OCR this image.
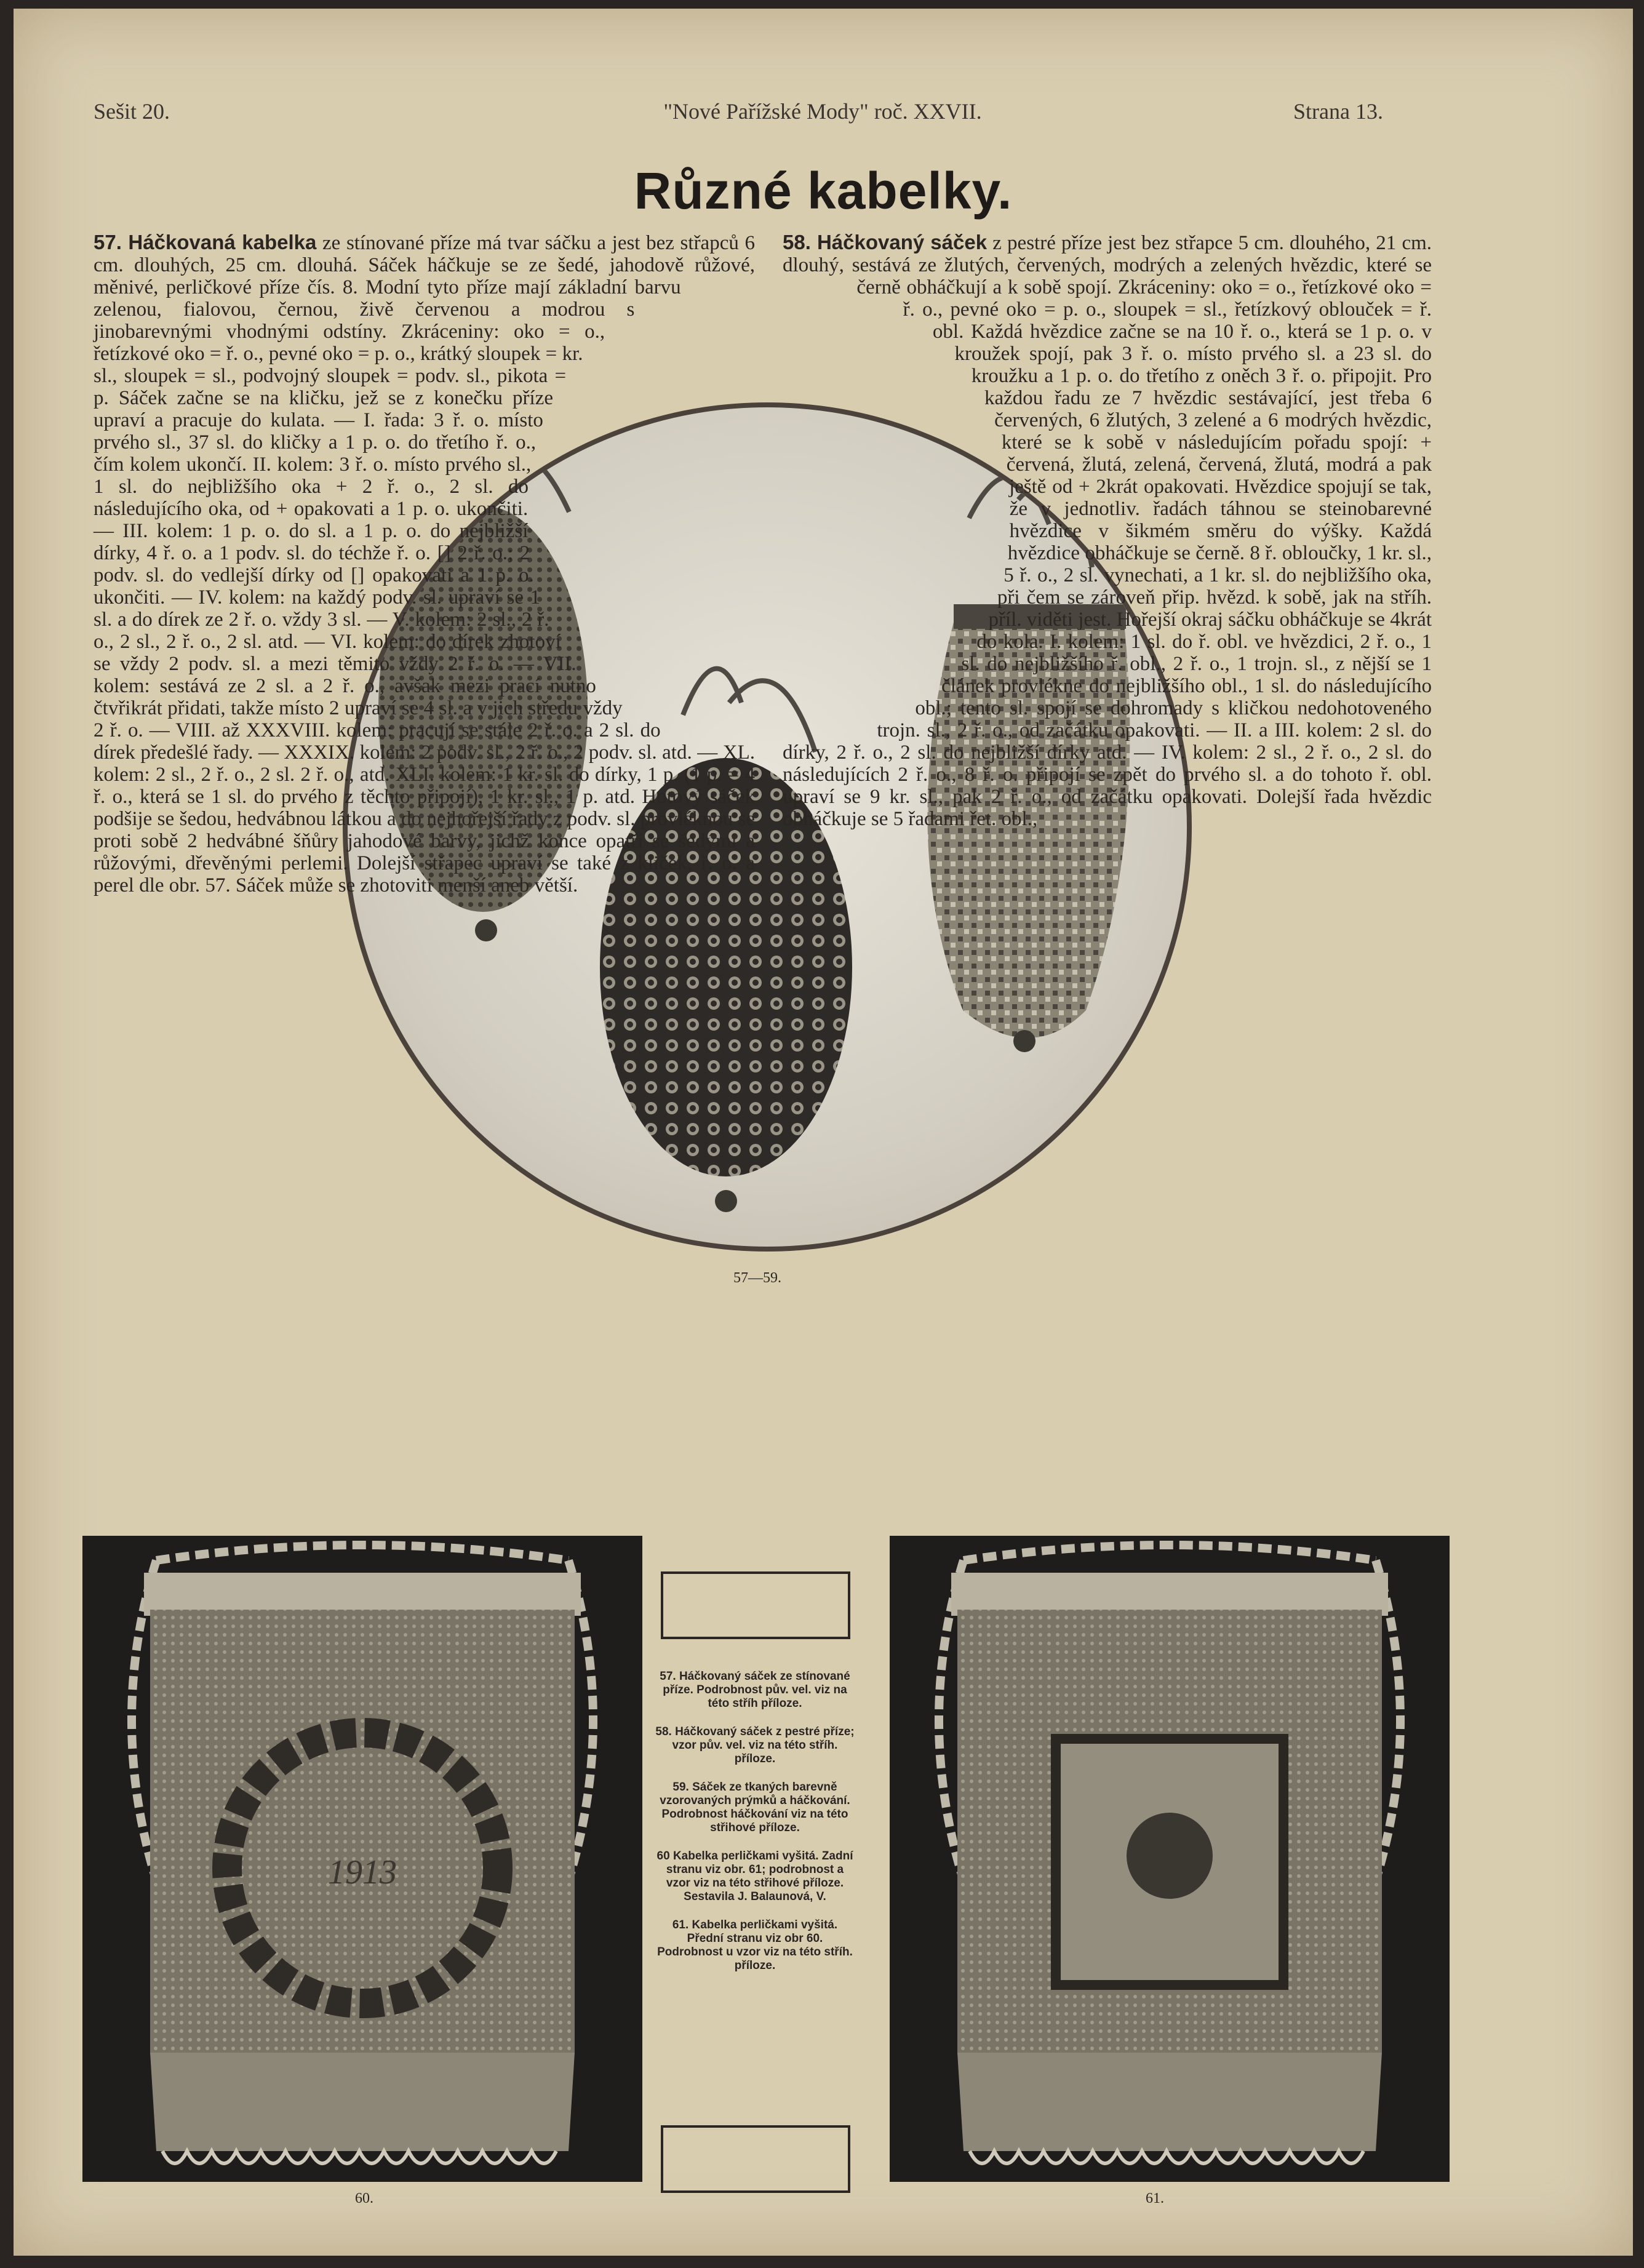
Sešit 20.	"Nové Pařížské Mody" roč. XXVII.	Strana 13.
Různé kabelky.
57—59.

57. Háčkovaná kabelka ze stínované příze má tvar sáčku a jest bez střapců 6 cm. dlouhých, 25 cm. dlouhá. Sáček háčkuje se ze šedé, jahodově růžové, měnivé, perličkové příze čís. 8. Modní tyto příze mají základní barvu zelenou, fialovou, černou, živě červenou a modrou s jinobarevnými vhodnými odstíny. Zkráceniny: oko = o., řetízkové oko = ř. o., pevné oko = p. o., krátký sloupek = kr. sl., sloupek = sl., podvojný sloupek = podv. sl., pikota = p. Sáček začne se na kličku, jež se z konečku příze upraví a pracuje do kulata. — I. řada: 3 ř. o. místo prvého sl., 37 sl. do kličky a 1 p. o. do třetího ř. o., čím kolem ukončí. II. kolem: 3 ř. o. místo prvého sl., 1 sl. do nejbližšího oka + 2 ř. o., 2 sl. do následujícího oka, od + opakovati a 1 p. o. ukončiti. — III. kolem: 1 p. o. do sl. a 1 p. o. do nejbližší dírky, 4 ř. o. a 1 podv. sl. do téchže ř. o. [] 2 ř. o.; 2 podv. sl. do vedlejší dírky od [] opakovati a 1 p. o. ukončiti. — IV. kolem: na každý podv. sl. upraví se 1 sl. a do dírek ze 2 ř. o. vždy 3 sl. — V. kolem: 2 sl., 2 ř. o., 2 sl., 2 ř. o., 2 sl. atd. — VI. kolem: do dírek zhotoví se vždy 2 podv. sl. a mezi těmito vždy 2 ř. o. — VII. kolem: sestává ze 2 sl. a 2 ř. o., avšak mezi prací nutno čtvřikrát přidati, takže místo 2 upraví se 4 sl. a v jich středu vždy 2 ř. o. — VIII. až XXXVIII. kolem: pracují se stále 2 ř. o. a 2 sl. do dírek předešlé řady. — XXXIX. kolem: 2 podv. sl., 2 ř. o., 2 podv. sl. atd. — XL. kolem: 2 sl., 2 ř. o., 2 sl. 2 ř. o., atd. XLI. kolem: 1 kr. sl. do dírky, 1 p. (1 p. = 4 ř. o., která se 1 sl. do prvého z těchto připojí), 1 kr. sl., 1 p. atd. Hotový sáček podšije se šedou, hedvábnou látkou a do nejhořejší řady z podv. sl. provléknou se proti sobě 2 hedvábné šňůry jahodové barvy, jichž konce opatří se šedými a růžovými, dřevěnými perlemi. Dolejší střapec upraví se také z kliček, ř. o. a perel dle obr. 57. Sáček může se zhotoviti menší aneb větší.

58. Háčkovaný sáček z pestré příze jest bez střapce 5 cm. dlouhého, 21 cm. dlouhý, sestává ze žlutých, červených, modrých a zelených hvězdic, které se černě obháčkují a k sobě spojí. Zkráceniny: oko = o., řetízkové oko = ř. o., pevné oko = p. o., sloupek = sl., řetízkový oblouček = ř. obl. Každá hvězdice začne se na 10 ř. o., která se 1 p. o. v kroužek spojí, pak 3 ř. o. místo prvého sl. a 23 sl. do kroužku a 1 p. o. do třetího z oněch 3 ř. o. připojit. Pro každou řadu ze 7 hvězdic sestávající, jest třeba 6 červených, 6 žlutých, 3 zelené a 6 modrých hvězdic, které se k sobě v následujícím pořadu spojí: + červená, žlutá, zelená, červená, žlutá, modrá a pak ještě od + 2krát opakovati. Hvězdice spojují se tak, že v jednotliv. řadách táhnou se steinobarevné hvězdice v šikmém směru do výšky. Každá hvězdice obháčkuje se černě. 8 ř. obloučky, 1 kr. sl., 5 ř. o., 2 sl. vynechati, a 1 kr. sl. do nejbližšího oka, při čem se zároveň přip. hvězd. k sobě, jak na stříh. příl. viděti jest. Hořejší okraj sáčku obháčkuje se 4krát do kola. I. kolem: 1 sl. do ř. obl. ve hvězdici, 2 ř. o., 1 sl. do nejbližšího ř. obl., 2 ř. o., 1 trojn. sl., z nější se 1 článek provlékne do nejbližšího obl., 1 sl. do následujícího obl.; tento sl. spojí se dohromady s kličkou nedohotoveného trojn. sl., 2 ř. o., od začátku opakovati. — II. a III. kolem: 2 sl. do dírky, 2 ř. o., 2 sl. do nejbližší dírky atd. — IV. kolem: 2 sl., 2 ř. o., 2 sl. do následujících 2 ř. o., 8 ř. o. připojí se zpět do prvého sl. a do tohoto ř. obl. upraví se 9 kr. sl., pak 2 ř. o., od začátku opakovati. Dolejší řada hvězdic obháčkuje se 5 řadami řet. obl.,

1913
60.

57. Háčkovaný sáček ze stínované příze. Podrobnost pův. vel. viz na této stříh příloze.

58. Háčkovaný sáček z pestré příze; vzor pův. vel. viz na této stříh. příloze.

59. Sáček ze tkaných barevně vzorovaných prýmků a háčkování. Podrobnost háčkování viz na této střihové příloze.

60 Kabelka perličkami vyšitá. Zadní stranu viz obr. 61; podrobnost a vzor viz na této střihové příloze. Sestavila J. Balaunová, V.

61. Kabelka perličkami vyšitá. Přední stranu viz obr 60. Podrobnost u vzor viz na této stříh. příloze.

61.
